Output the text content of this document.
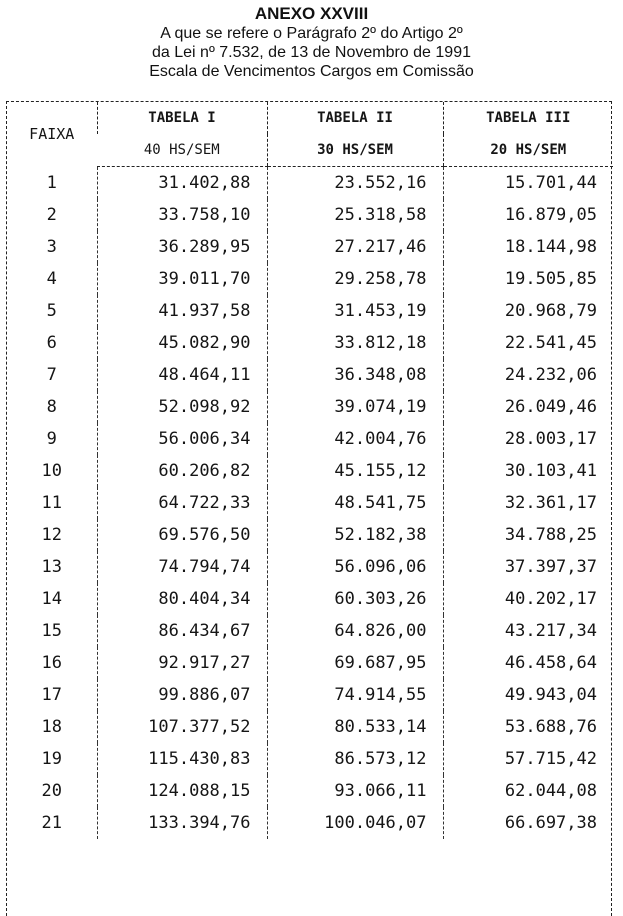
ANEXO XXVIII
A que se refere o Parágrafo 2º do Artigo 2º
da Lei nº 7.532, de 13 de Novembro de 1991
Escala de Vencimentos Cargos em Comissão
FAIXA	TABELA I	TABELA II	TABELA III
	40 HS/SEM	30 HS/SEM	20 HS/SEM
1	31.402,88	23.552,16	15.701,44
2	33.758,10	25.318,58	16.879,05
3	36.289,95	27.217,46	18.144,98
4	39.011,70	29.258,78	19.505,85
5	41.937,58	31.453,19	20.968,79
6	45.082,90	33.812,18	22.541,45
7	48.464,11	36.348,08	24.232,06
8	52.098,92	39.074,19	26.049,46
9	56.006,34	42.004,76	28.003,17
10	60.206,82	45.155,12	30.103,41
11	64.722,33	48.541,75	32.361,17
12	69.576,50	52.182,38	34.788,25
13	74.794,74	56.096,06	37.397,37
14	80.404,34	60.303,26	40.202,17
15	86.434,67	64.826,00	43.217,34
16	92.917,27	69.687,95	46.458,64
17	99.886,07	74.914,55	49.943,04
18	107.377,52	80.533,14	53.688,76
19	115.430,83	86.573,12	57.715,42
20	124.088,15	93.066,11	62.044,08
21	133.394,76	100.046,07	66.697,38
